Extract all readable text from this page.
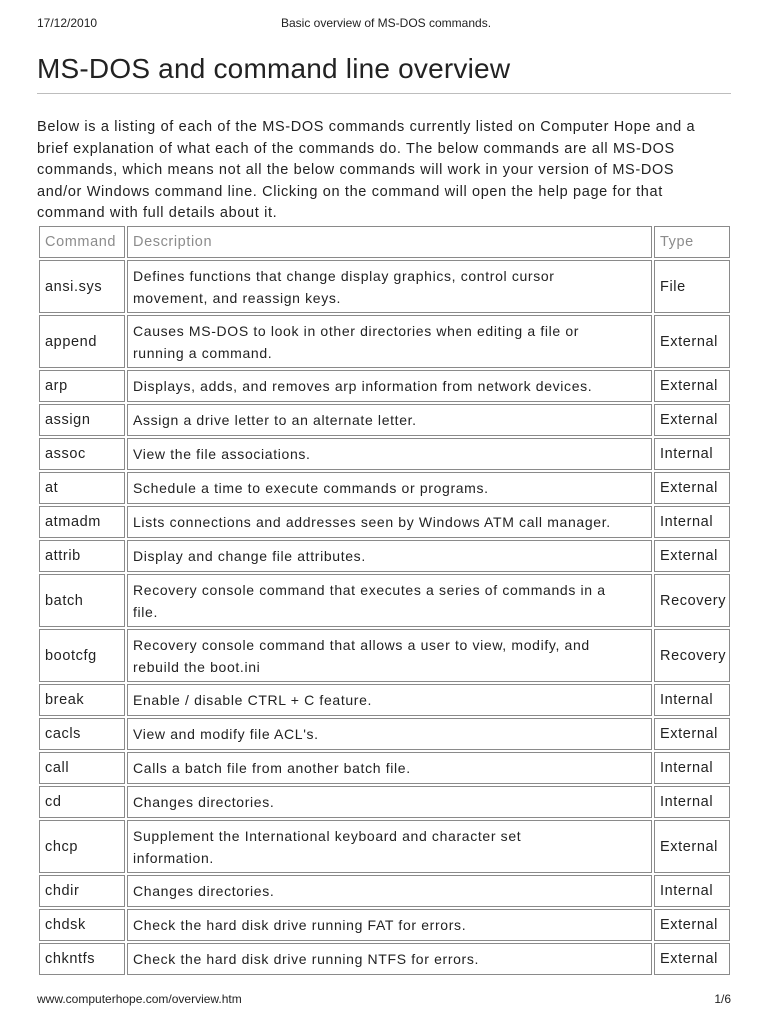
17/12/2010	Basic overview of MS-DOS commands.
MS-DOS and command line overview

Below is a listing of each of the MS-DOS commands currently listed on Computer Hope and a
brief explanation of what each of the commands do. The below commands are all MS-DOS
commands, which means not all the below commands will work in your version of MS-DOS
and/or Windows command line. Clicking on the command will open the help page for that
command with full details about it.

Command	Description	Type
ansi.sys	Defines functions that change display graphics, control cursor
movement, and reassign keys.	File
append	Causes MS-DOS to look in other directories when editing a file or
running a command.	External
arp	Displays, adds, and removes arp information from network devices.	External
assign	Assign a drive letter to an alternate letter.	External
assoc	View the file associations.	Internal
at	Schedule a time to execute commands or programs.	External
atmadm	Lists connections and addresses seen by Windows ATM call manager.	Internal
attrib	Display and change file attributes.	External
batch	Recovery console command that executes a series of commands in a
file.	Recovery
bootcfg	Recovery console command that allows a user to view, modify, and
rebuild the boot.ini	Recovery
break	Enable / disable CTRL + C feature.	Internal
cacls	View and modify file ACL's.	External
call	Calls a batch file from another batch file.	Internal
cd	Changes directories.	Internal
chcp	Supplement the International keyboard and character set
information.	External
chdir	Changes directories.	Internal
chdsk	Check the hard disk drive running FAT for errors.	External
chkntfs	Check the hard disk drive running NTFS for errors.	External
www.computerhope.com/overview.htm	1/6
